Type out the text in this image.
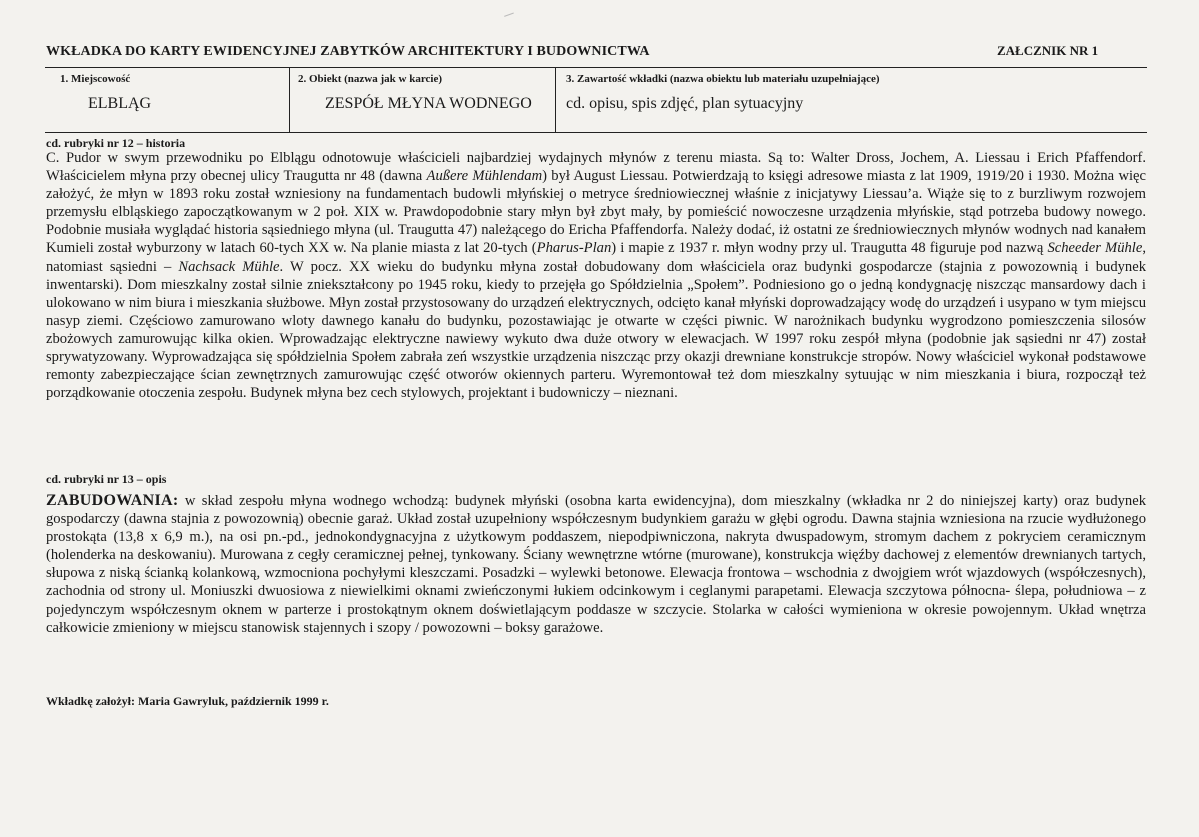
WKŁADKA DO KARTY EWIDENCYJNEJ ZABYTKÓW ARCHITEKTURY I BUDOWNICTWA	ZAŁCZNIK NR 1
1. Miejscowość
ELBLĄG
2. Obiekt (nazwa jak w karcie)
ZESPÓŁ MŁYNA WODNEGO
3. Zawartość wkładki (nazwa obiektu lub materiału uzupełniające)
cd. opisu, spis zdjęć, plan sytuacyjny
cd. rubryki nr 12 – historia
C. Pudor w swym przewodniku po Elblągu odnotowuje właścicieli najbardziej wydajnych młynów z terenu miasta. Są to: Walter Dross, Jochem, A. Liessau i Erich Pfaffendorf. Właścicielem młyna przy obecnej ulicy Traugutta nr 48 (dawna Außere Mühlendam) był August Liessau. Potwierdzają to księgi adresowe miasta z lat 1909, 1919/20 i 1930. Można więc założyć, że młyn w 1893 roku został wzniesiony na fundamentach budowli młyńskiej o metryce średniowiecznej właśnie z inicjatywy Liessau’a. Wiąże się to z burzliwym rozwojem przemysłu elbląskiego zapoczątkowanym w 2 poł. XIX w. Prawdopodobnie stary młyn był zbyt mały, by pomieścić nowoczesne urządzenia młyńskie, stąd potrzeba budowy nowego. Podobnie musiała wyglądać historia sąsiedniego młyna (ul. Traugutta 47) należącego do Ericha Pfaffendorfa. Należy dodać, iż ostatni ze średniowiecznych młynów wodnych nad kanałem Kumieli został wyburzony w latach 60-tych XX w. Na planie miasta z lat 20-tych (Pharus-Plan) i mapie z 1937 r. młyn wodny przy ul. Traugutta 48 figuruje pod nazwą Scheeder Mühle, natomiast sąsiedni – Nachsack Mühle. W pocz. XX wieku do budynku młyna został dobudowany dom właściciela oraz budynki gospodarcze (stajnia z powozownią i budynek inwentarski). Dom mieszkalny został silnie zniekształcony po 1945 roku, kiedy to przejęła go Spółdzielnia „Społem”. Podniesiono go o jedną kondygnację niszcząc mansardowy dach i ulokowano w nim biura i mieszkania służbowe. Młyn został przystosowany do urządzeń elektrycznych, odcięto kanał młyński doprowadzający wodę do urządzeń i usypano w tym miejscu nasyp ziemi. Częściowo zamurowano wloty dawnego kanału do budynku, pozostawiając je otwarte w części piwnic. W narożnikach budynku wygrodzono pomieszczenia silosów zbożowych zamurowując kilka okien. Wprowadzając elektryczne nawiewy wykuto dwa duże otwory w elewacjach. W 1997 roku zespół młyna (podobnie jak sąsiedni nr 47) został sprywatyzowany. Wyprowadzająca się spółdzielnia Społem zabrała zeń wszystkie urządzenia niszcząc przy okazji drewniane konstrukcje stropów. Nowy właściciel wykonał podstawowe remonty zabezpieczające ścian zewnętrznych zamurowując część otworów okiennych parteru. Wyremontował też dom mieszkalny sytuując w nim mieszkania i biura, rozpoczął też porządkowanie otoczenia zespołu. Budynek młyna bez cech stylowych, projektant i budowniczy – nieznani.
cd. rubryki nr 13 – opis
ZABUDOWANIA: w skład zespołu młyna wodnego wchodzą: budynek młyński (osobna karta ewidencyjna), dom mieszkalny (wkładka nr 2 do niniejszej karty) oraz budynek gospodarczy (dawna stajnia z powozownią) obecnie garaż. Układ został uzupełniony współczesnym budynkiem garażu w głębi ogrodu. Dawna stajnia wzniesiona na rzucie wydłużonego prostokąta (13,8 x 6,9 m.), na osi pn.-pd., jednokondygnacyjna z użytkowym poddaszem, niepodpiwniczona, nakryta dwuspadowym, stromym dachem z pokryciem ceramicznym (holenderka na deskowaniu). Murowana z cegły ceramicznej pełnej, tynkowany. Ściany wewnętrzne wtórne (murowane), konstrukcja więźby dachowej z elementów drewnianych tartych, słupowa z niską ścianką kolankową, wzmocniona pochyłymi kleszczami. Posadzki – wylewki betonowe. Elewacja frontowa – wschodnia z dwojgiem wrót wjazdowych (współczesnych), zachodnia od strony ul. Moniuszki dwuosiowa z niewielkimi oknami zwieńczonymi łukiem odcinkowym i ceglanymi parapetami. Elewacja szczytowa północna- ślepa, południowa – z pojedynczym współczesnym oknem w parterze i prostokątnym oknem doświetlającym poddasze w szczycie. Stolarka w całości wymieniona w okresie powojennym. Układ wnętrza całkowicie zmieniony w miejscu stanowisk stajennych i szopy / powozowni – boksy garażowe.
Wkładkę założył: Maria Gawryluk, październik 1999 r.
